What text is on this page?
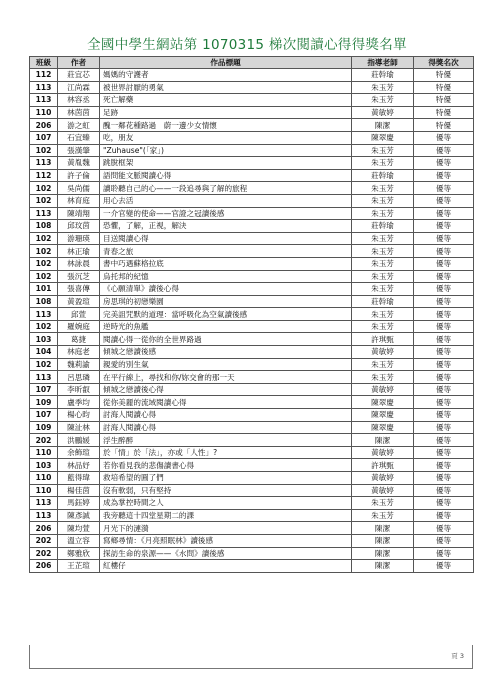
全國中學生網站第 1070315 梯次閱讀心得得獎名單
班級	作者	作品標題	指導老師	得獎名次
112	莊宜芯	媽媽的守護者	莊幹瑜	特優
113	江尚霖	被世界討厭的勇氣	朱玉芳	特優
113	林容丞	死亡解藥	朱玉芳	特優
110	林茵茵	足跡	黃敏婷	特優
206	游之虹	醜一鄰花種路過　蔚一邊少女情懷	陳潔	特優
107	石宜臻	吃，朋友	陳翠慶	優等
102	張漢肇	"Zuhause"(「家」)	朱玉芳	優等
113	黃胤魏	跳脫框架	朱玉芳	優等
112	許子倫	語問能文脈閱讀心得	莊幹瑜	優等
102	吳尚儒	讀聆聽自己的心——一段追尋與了解的旅程	朱玉芳	優等
102	林育庭	用心去活	朱玉芳	優等
113	陳靖翔	一介官變的使命——官證之冠讀後感	朱玉芳	優等
108	邱玟茵	恐懼，了解，正視，解決	莊幹瑜	優等
102	游珊瑛	目送閱讀心得	朱玉芳	優等
102	林正瑜	青春之旅	朱玉芳	優等
102	林詠晨	書中巧遇蘇格拉底	朱玉芳	優等
102	張沉芝	烏托邦的紀憶	朱玉芳	優等
101	張喜傳	《心願清單》讀後心得	朱玉芳	優等
108	黃盈瑄	房思琪的初戀樂園	莊幹瑜	優等
113	邱萱	完美詛咒默的道理：當呼吸化為空氣讀後感	朱玉芳	優等
102	羅婉庭	逆時光的魚艦	朱玉芳	優等
103	葛捷	閱讀心得一從你的全世界路過	許琪甄	優等
104	林庭老	傾城之戀讀後感	黃敏婷	優等
102	魏莉諭	親愛的別生氣	朱玉芳	優等
113	呂思璘	在平行線上，尋找和你/妳交會的那一天	朱玉芳	優等
107	李昕叡	傾城之戀讀後心得	黃敏婷	優等
109	盧季均	從你美麗的流域閱讀心得	陳翠慶	優等
107	楊心昀	討海人閱讀心得	陳翠慶	優等
109	陳沚林	討海人閱讀心得	陳翠慶	優等
202	洪鵬媛	浮生醉醉	陳潔	優等
110	余飾瑄	於「情」於「法」，亦或「人性」?	黃敏婷	優等
103	林品妤	若你看見我的悲傷讀書心得	許琪甄	優等
110	藍得瑋	救培希望的圓了們	黃敏婷	優等
110	楊佳茵	沒有軟弱，只有堅持	黃敏婷	優等
113	馬鈺婷	成為掌控時間之人	朱玉芳	優等
113	陳彥誠	我旁聽這十四堂星期二的課	朱玉芳	優等
206	陳均萱	月光下的漣漪	陳潔	優等
202	溫立容	寫鄉尋情：《月亮照眠林》讀後感	陳潔	優等
202	鄭雅欣	探訪生命的泉源——《水問》讀後感	陳潔	優等
206	王芷瑄	紅樓仔	陳潔	優等
頁 3
